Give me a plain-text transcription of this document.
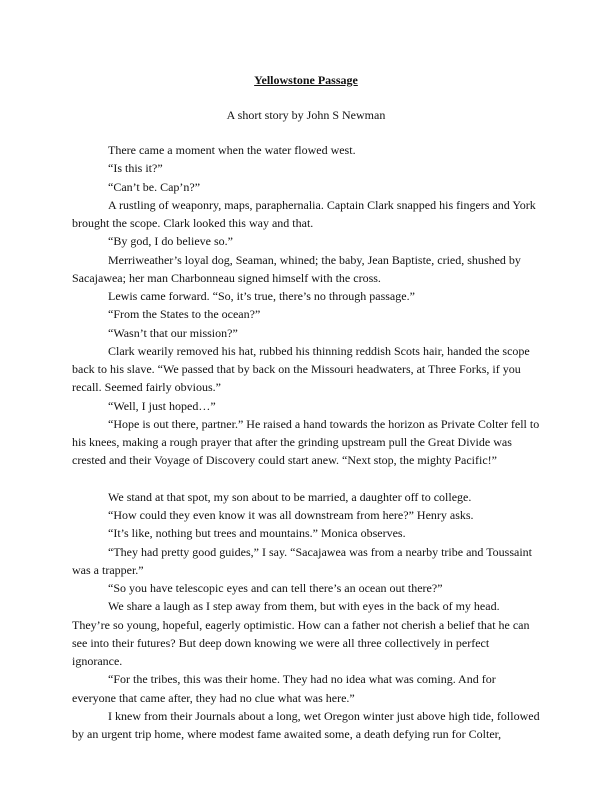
Yellowstone Passage
A short story by John S Newman

There came a moment when the water flowed west.

“Is this it?”

“Can’t be. Cap’n?”

A rustling of weaponry, maps, paraphernalia. Captain Clark snapped his fingers and York brought the scope. Clark looked this way and that.

“By god, I do believe so.”

Merriweather’s loyal dog, Seaman, whined; the baby, Jean Baptiste, cried, shushed by Sacajawea; her man Charbonneau signed himself with the cross.

Lewis came forward. “So, it’s true, there’s no through passage.”

“From the States to the ocean?”

“Wasn’t that our mission?”

Clark wearily removed his hat, rubbed his thinning reddish Scots hair, handed the scope back to his slave. “We passed that by back on the Missouri headwaters, at Three Forks, if you recall. Seemed fairly obvious.”

“Well, I just hoped…”

“Hope is out there, partner.” He raised a hand towards the horizon as Private Colter fell to his knees, making a rough prayer that after the grinding upstream pull the Great Divide was crested and their Voyage of Discovery could start anew. “Next stop, the mighty Pacific!”

We stand at that spot, my son about to be married, a daughter off to college.

“How could they even know it was all downstream from here?” Henry asks.

“It’s like, nothing but trees and mountains.” Monica observes.

“They had pretty good guides,” I say. “Sacajawea was from a nearby tribe and Toussaint was a trapper.”

“So you have telescopic eyes and can tell there’s an ocean out there?”

We share a laugh as I step away from them, but with eyes in the back of my head. They’re so young, hopeful, eagerly optimistic. How can a father not cherish a belief that he can see into their futures? But deep down knowing we were all three collectively in perfect ignorance.

“For the tribes, this was their home. They had no idea what was coming. And for everyone that came after, they had no clue what was here.”

I knew from their Journals about a long, wet Oregon winter just above high tide, followed by an urgent trip home, where modest fame awaited some, a death defying run for Colter,
